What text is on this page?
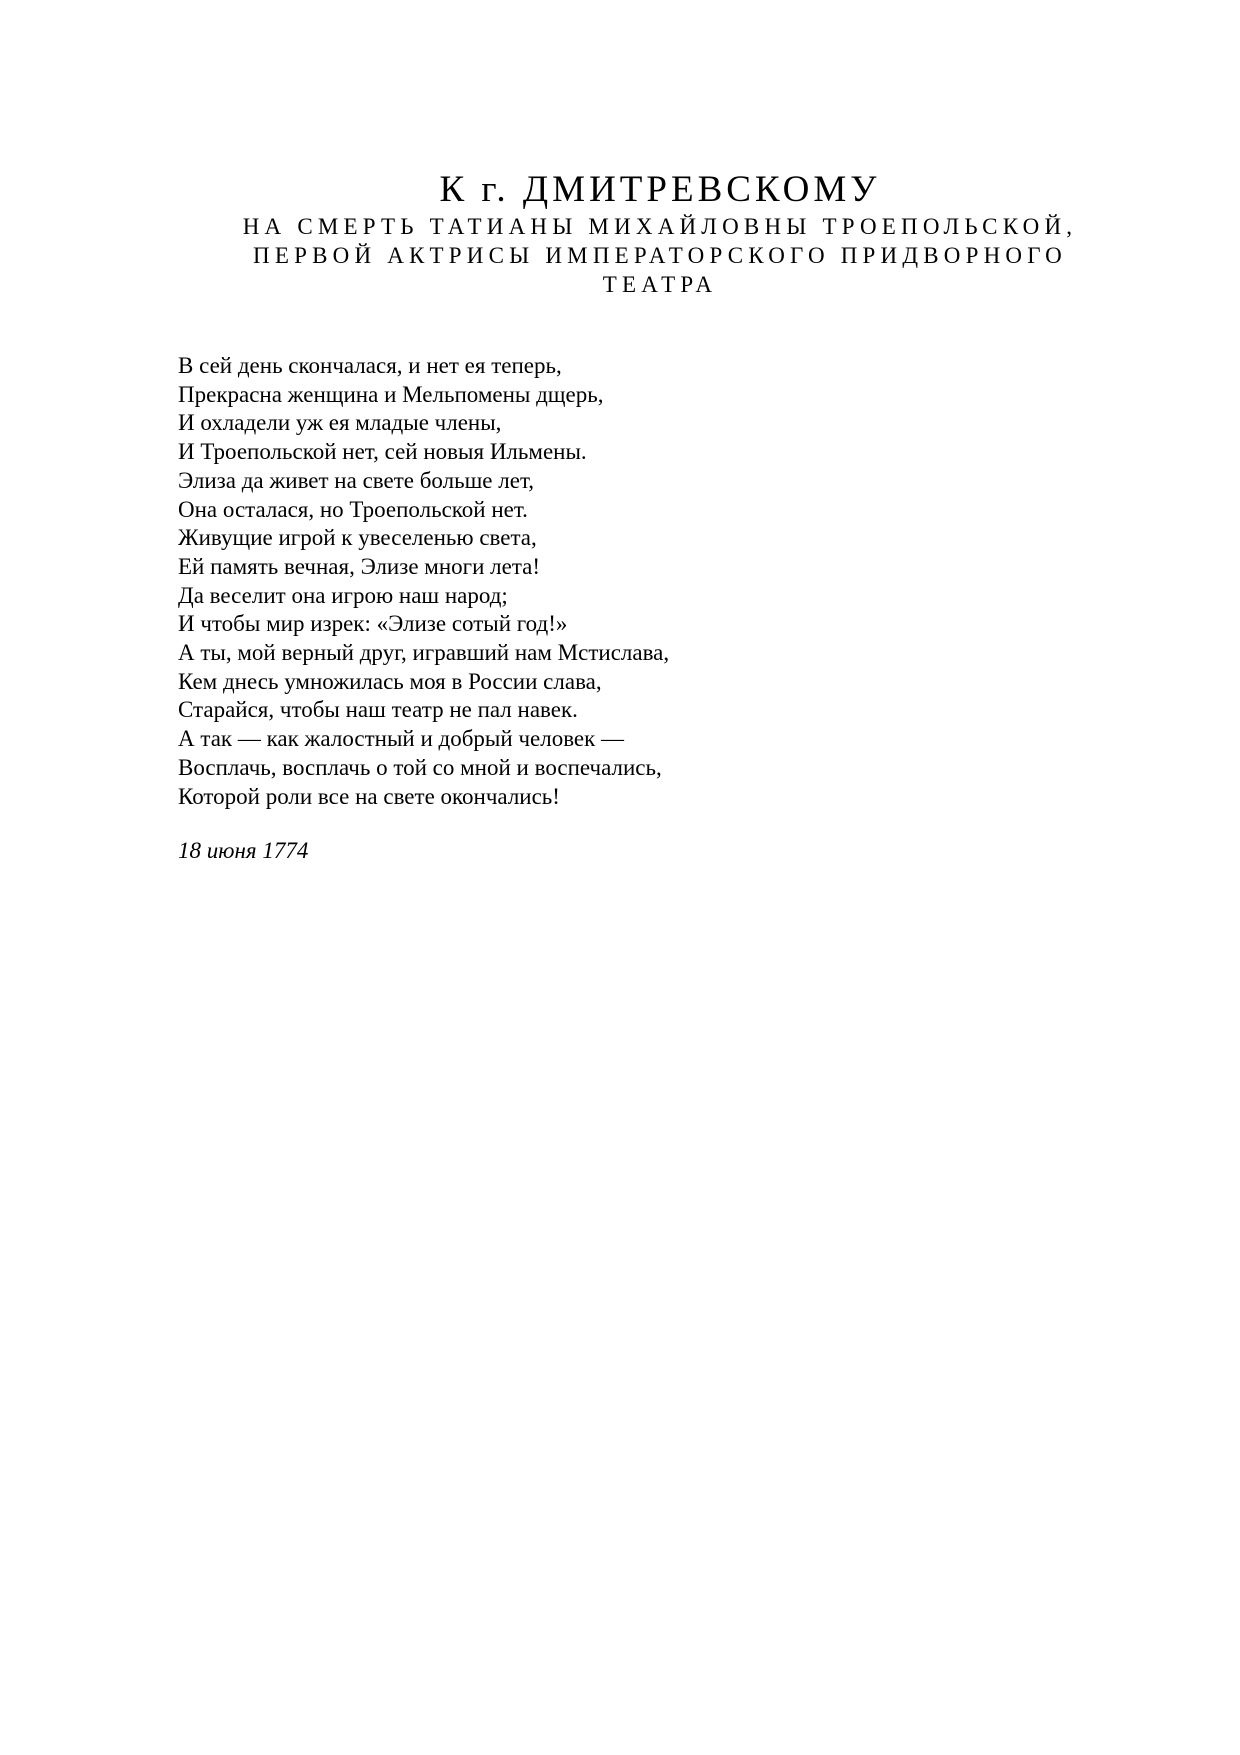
К г. ДМИТРЕВСКОМУ
НА СМЕРТЬ ТАТИАНЫ МИХАЙЛОВНЫ ТРОЕПОЛЬСКОЙ,
ПЕРВОЙ АКТРИСЫ ИМПЕРАТОРСКОГО ПРИДВОРНОГО
ТЕАТРА
В сей день скончалася, и нет ея теперь,
Прекрасна женщина и Мельпомены дщерь,
И охладели уж ея младые члены,
И Троепольской нет, сей новыя Ильмены.
Элиза да живет на свете больше лет,
Она осталася, но Троепольской нет.
Живущие игрой к увеселенью света,
Ей память вечная, Элизе многи лета!
Да веселит она игрою наш народ;
И чтобы мир изрек: «Элизе сотый год!»
А ты, мой верный друг, игравший нам Мстислава,
Кем днесь умножилась моя в России слава,
Старайся, чтобы наш театр не пал навек.
А так — как жалостный и добрый человек —
Восплачь, восплачь о той со мной и воспечались,
Которой роли все на свете окончались!
18 июня 1774
